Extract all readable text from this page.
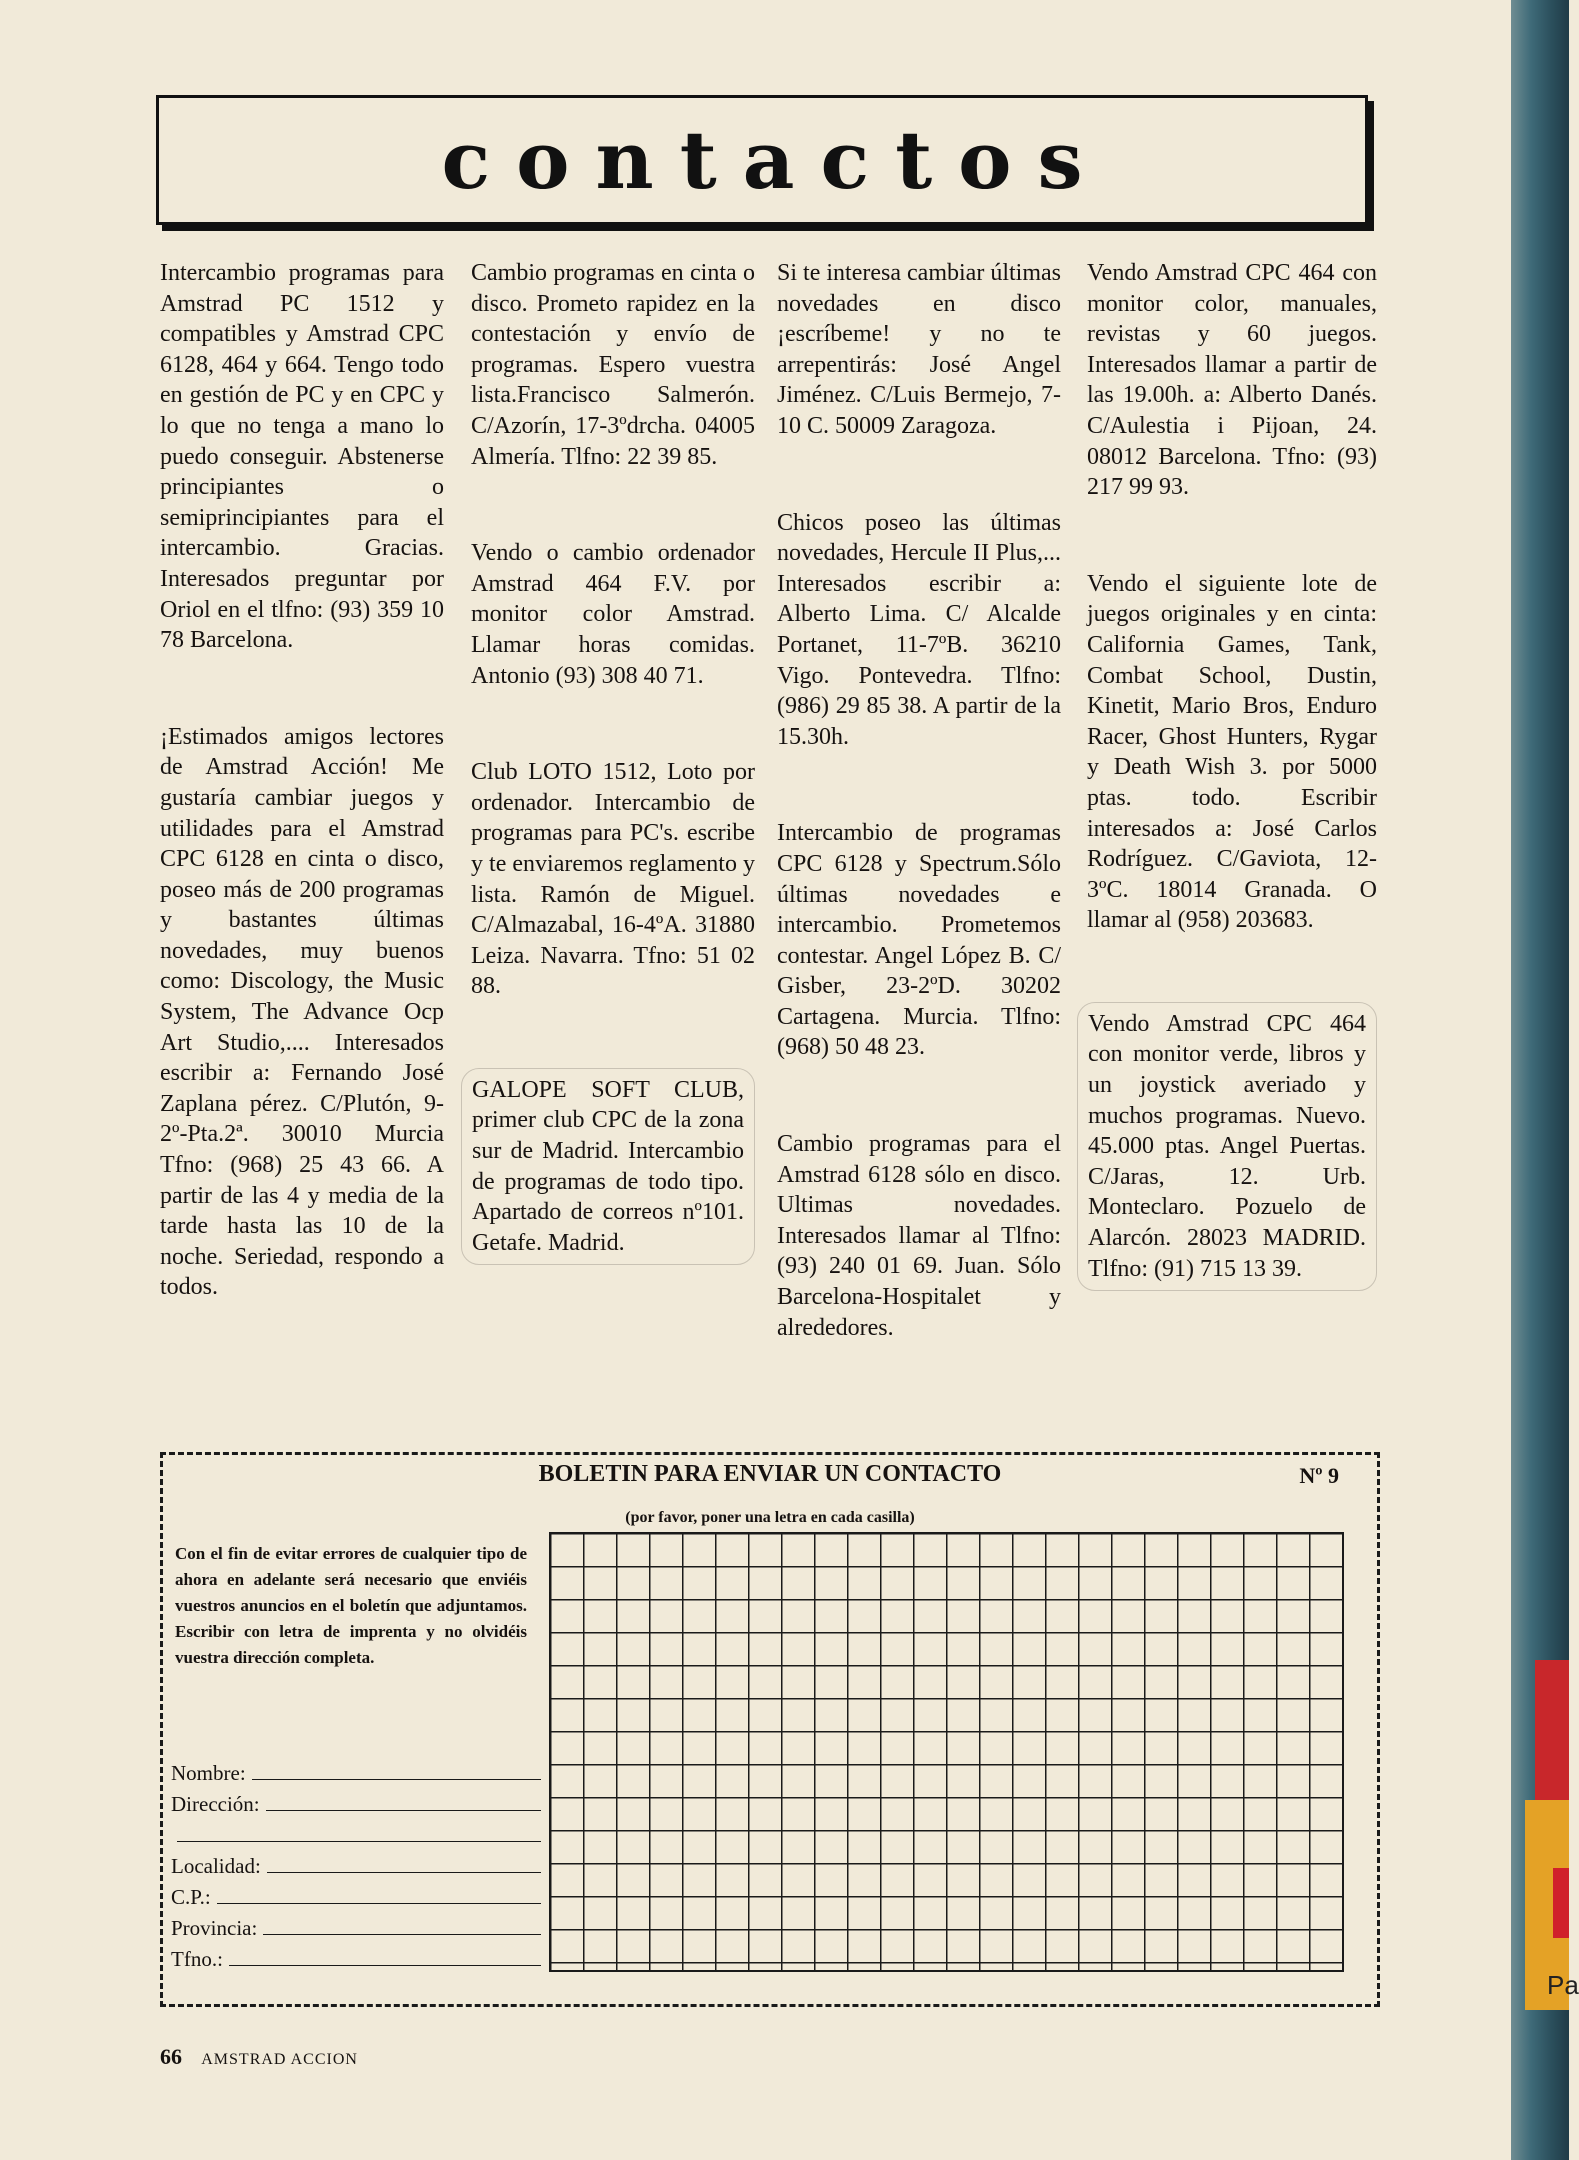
Pa
contactos

Intercambio programas para Amstrad PC 1512 y compatibles y Amstrad CPC 6128, 464 y 664. Tengo todo en gestión de PC y en CPC y lo que no tenga a mano lo puedo conseguir. Abstenerse principiantes o semiprincipiantes para el intercambio. Gracias. Interesados preguntar por Oriol en el tlfno: (93) 359 10 78 Barcelona.

¡Estimados amigos lectores de Amstrad Acción! Me gustaría cambiar juegos y utilidades para el Amstrad CPC 6128 en cinta o disco, poseo más de 200 programas y bastantes últimas novedades, muy buenos como: Discology, the Music System, The Advance Ocp Art Studio,.... Interesados escribir a: Fernando José Zaplana pérez. C/Plutón, 9-2º-Pta.2ª. 30010 Murcia Tfno: (968) 25 43 66. A partir de las 4 y media de la tarde hasta las 10 de la noche. Seriedad, respondo a todos.

Cambio programas en cinta o disco. Prometo rapidez en la contestación y envío de programas. Espero vuestra lista.Francisco Salmerón. C/Azorín, 17-3ºdrcha. 04005 Almería. Tlfno: 22 39 85.

Vendo o cambio ordenador Amstrad 464 F.V. por monitor color Amstrad. Llamar horas comidas. Antonio (93) 308 40 71.

Club LOTO 1512, Loto por ordenador. Intercambio de programas para PC's. escribe y te enviaremos reglamento y lista. Ramón de Miguel. C/Almazabal, 16-4ºA. 31880 Leiza. Navarra. Tfno: 51 02 88.

GALOPE SOFT CLUB, primer club CPC de la zona sur de Madrid. Intercambio de programas de todo tipo. Apartado de correos nº101. Getafe. Madrid.

Si te interesa cambiar últimas novedades en disco ¡escríbeme! y no te arrepentirás: José Angel Jiménez. C/Luis Bermejo, 7-10 C. 50009 Zaragoza.

Chicos poseo las últimas novedades, Hercule II Plus,... Interesados escribir a: Alberto Lima. C/ Alcalde Portanet, 11-7ºB. 36210 Vigo. Pontevedra. Tlfno: (986) 29 85 38. A partir de la 15.30h.

Intercambio de programas CPC 6128 y Spectrum.Sólo últimas novedades e intercambio. Prometemos contestar. Angel López B. C/ Gisber, 23-2ºD. 30202 Cartagena. Murcia. Tlfno: (968) 50 48 23.

Cambio programas para el Amstrad 6128 sólo en disco. Ultimas novedades. Interesados llamar al Tlfno: (93) 240 01 69. Juan. Sólo Barcelona-Hospitalet y alrededores.

Vendo Amstrad CPC 464 con monitor color, manuales, revistas y 60 juegos. Interesados llamar a partir de las 19.00h. a: Alberto Danés. C/Aulestia i Pijoan, 24. 08012 Barcelona. Tfno: (93) 217 99 93.

Vendo el siguiente lote de juegos originales y en cinta: California Games, Tank, Combat School, Dustin, Kinetit, Mario Bros, Enduro Racer, Ghost Hunters, Rygar y Death Wish 3. por 5000 ptas. todo. Escribir interesados a: José Carlos Rodríguez. C/Gaviota, 12-3ºC. 18014 Granada. O llamar al (958) 203683.

Vendo Amstrad CPC 464 con monitor verde, libros y un joystick averiado y muchos programas. Nuevo. 45.000 ptas. Angel Puertas. C/Jaras, 12. Urb. Monteclaro. Pozuelo de Alarcón. 28023 MADRID. Tlfno: (91) 715 13 39.

BOLETIN PARA ENVIAR UN CONTACTO	Nº 9
(por favor, poner una letra en cada casilla)
Con el fin de evitar errores de cualquier tipo de ahora en adelante será necesario que enviéis vuestros anuncios en el boletín que adjuntamos. Escribir con letra de imprenta y no olvidéis vuestra dirección completa.
Nombre:
Dirección:
Localidad:
C.P.:
Provincia:
Tfno.:
66 AMSTRAD ACCION
